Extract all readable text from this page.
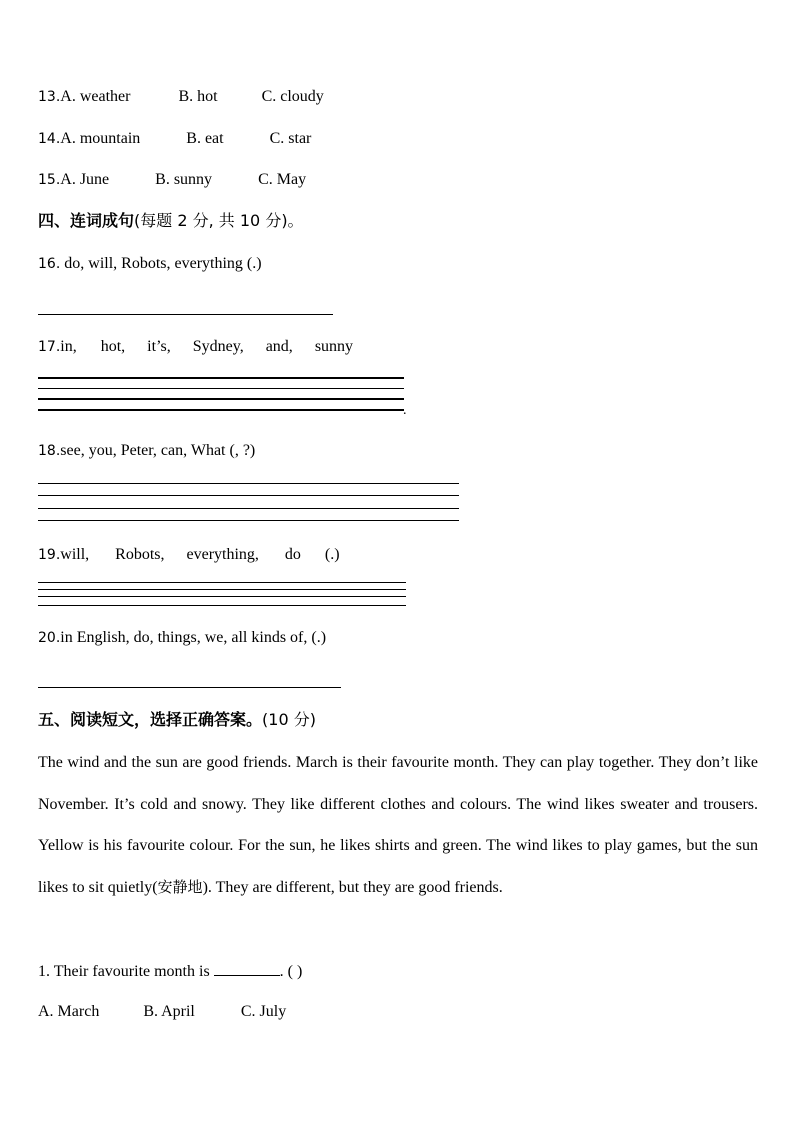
13.A. weather	B. hot	C. cloudy
14.A. mountain	B. eat	C. star
15.A. June	B. sunny	C. May
四、连词成句(每题 2 分, 共 10 分)。
16. do, will, Robots, everything (.)
17.in, hot, it’s, Sydney, and, sunny
.
18.see, you, Peter, can, What (, ?)
19.will, Robots, everything, do (.)
20.in English, do, things, we, all kinds of, (.)
五、阅读短文，选择正确答案。(10 分)
The wind and the sun are good friends. March is their favourite month. They can play together. They don’t like November. It’s cold and snowy. They like different clothes and colours. The wind likes sweater and trousers. Yellow is his favourite colour. For the sun, he likes shirts and green. The wind likes to play games, but the sun likes to sit quietly(安静地). They are different, but they are good friends.
1. Their favourite month is	. ( )
A. March	B. April	C. July
